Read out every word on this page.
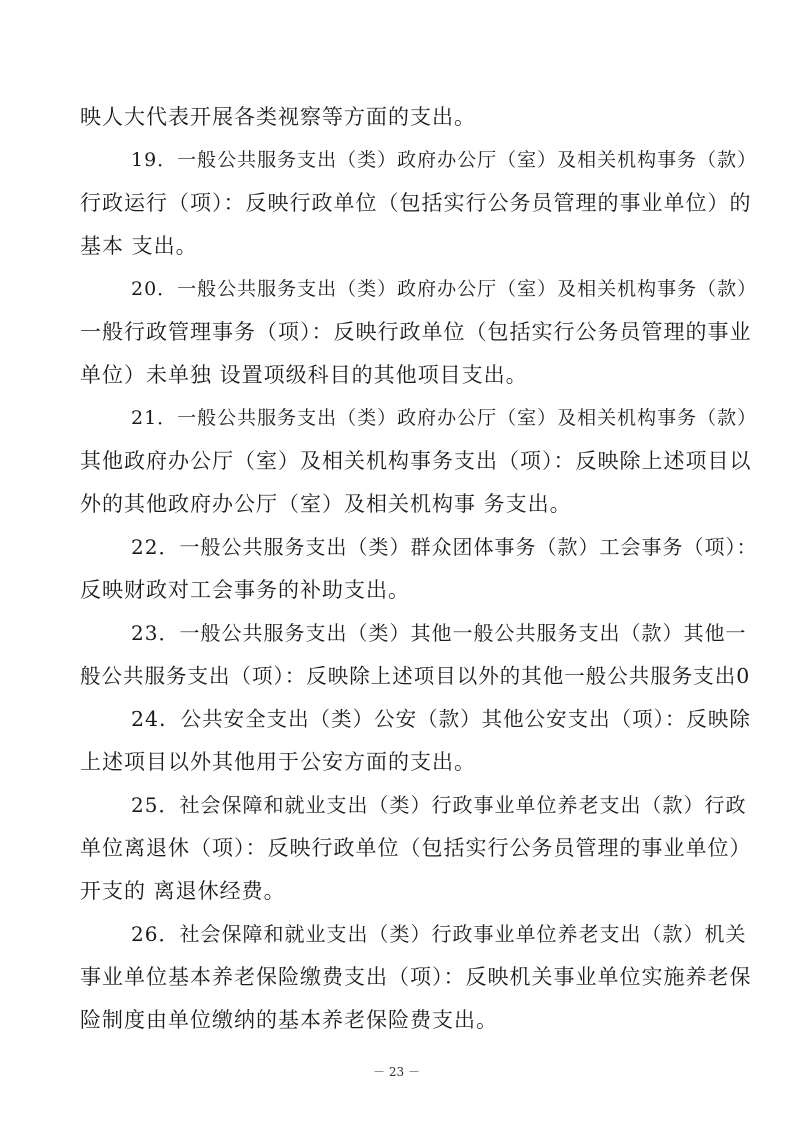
映人大代表开展各类视察等方面的支出。
19．一般公共服务支出（类）政府办公厅（室）及相关机构事务（款）
行政运行（项）：反映行政单位（包括实行公务员管理的事业单位）的
基本 支出。
20．一般公共服务支出（类）政府办公厅（室）及相关机构事务（款）
一般行政管理事务（项）：反映行政单位（包括实行公务员管理的事业
单位）未单独 设置项级科目的其他项目支出。
21．一般公共服务支出（类）政府办公厅（室）及相关机构事务（款）
其他政府办公厅（室）及相关机构事务支出（项）：反映除上述项目以
外的其他政府办公厅（室）及相关机构事 务支出。
22．一般公共服务支出（类）群众团体事务（款）工会事务（项）：
反映财政对工会事务的补助支出。
23．一般公共服务支出（类）其他一般公共服务支出（款）其他一
般公共服务支出（项）：反映除上述项目以外的其他一般公共服务支出0
24．公共安全支出（类）公安（款）其他公安支出（项）：反映除
上述项目以外其他用于公安方面的支出。
25．社会保障和就业支出（类）行政事业单位养老支出（款）行政
单位离退休（项）：反映行政单位（包括实行公务员管理的事业单位）
开支的 离退休经费。
26．社会保障和就业支出（类）行政事业单位养老支出（款）机关
事业单位基本养老保险缴费支出（项）：反映机关事业单位实施养老保
险制度由单位缴纳的基本养老保险费支出。
－ 23 －
